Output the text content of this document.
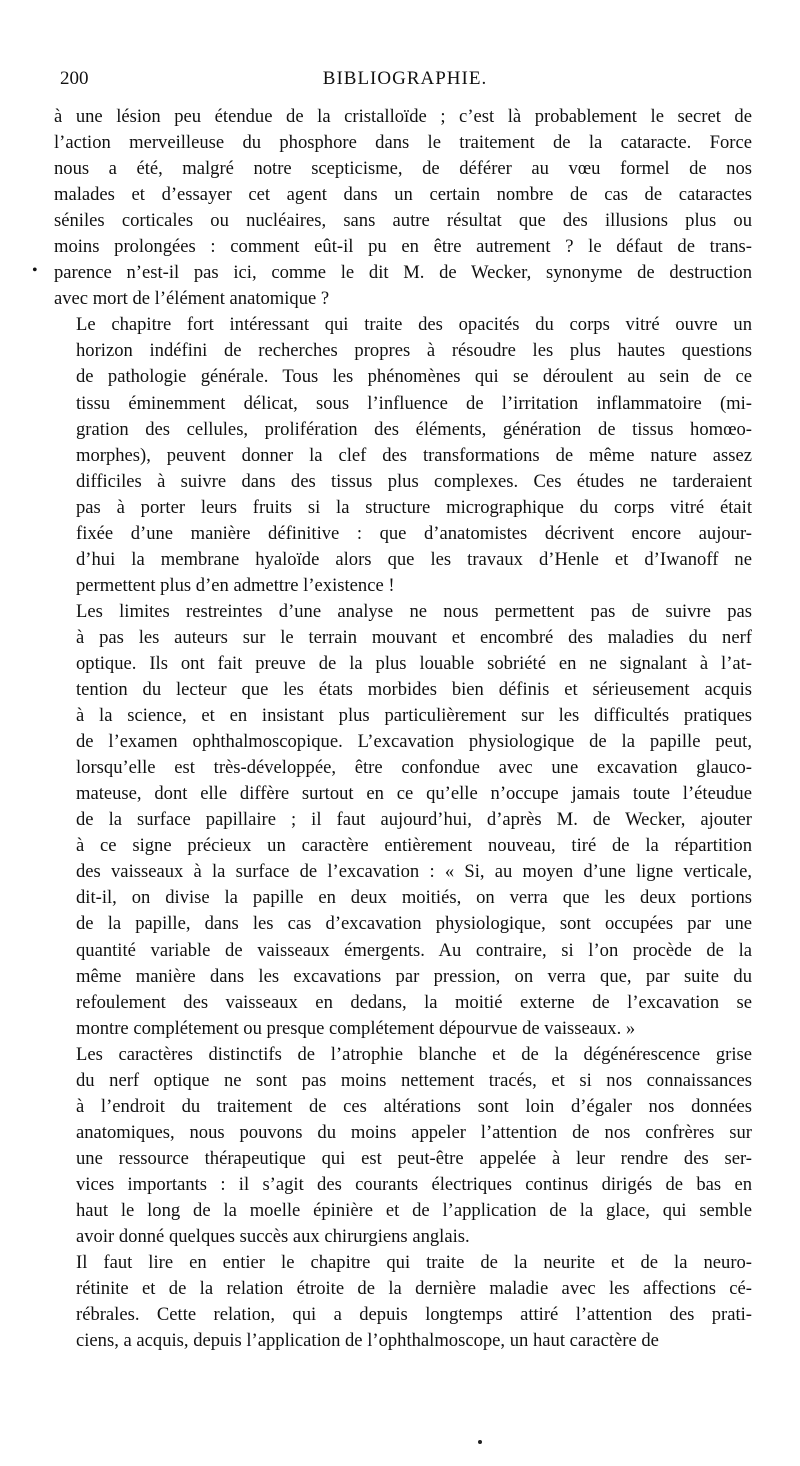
200	BIBLIOGRAPHIE.
•
à une lésion peu étendue de la cristalloïde ; c’est là probablement le secret de
l’action merveilleuse du phosphore dans le traitement de la cataracte. Force
nous a été, malgré notre scepticisme, de déférer au vœu formel de nos
malades et d’essayer cet agent dans un certain nombre de cas de cataractes
séniles corticales ou nucléaires, sans autre résultat que des illusions plus ou
moins prolongées : comment eût-il pu en être autrement ? le défaut de trans-
parence n’est-il pas ici, comme le dit M. de Wecker, synonyme de destruction
avec mort de l’élément anatomique ?
Le chapitre fort intéressant qui traite des opacités du corps vitré ouvre un
horizon indéfini de recherches propres à résoudre les plus hautes questions
de pathologie générale. Tous les phénomènes qui se déroulent au sein de ce
tissu éminemment délicat, sous l’influence de l’irritation inflammatoire (mi-
gration des cellules, prolifération des éléments, génération de tissus homœo-
morphes), peuvent donner la clef des transformations de même nature assez
difficiles à suivre dans des tissus plus complexes. Ces études ne tarderaient
pas à porter leurs fruits si la structure micrographique du corps vitré était
fixée d’une manière définitive : que d’anatomistes décrivent encore aujour-
d’hui la membrane hyaloïde alors que les travaux d’Henle et d’Iwanoff ne
permettent plus d’en admettre l’existence !
Les limites restreintes d’une analyse ne nous permettent pas de suivre pas
à pas les auteurs sur le terrain mouvant et encombré des maladies du nerf
optique. Ils ont fait preuve de la plus louable sobriété en ne signalant à l’at-
tention du lecteur que les états morbides bien définis et sérieusement acquis
à la science, et en insistant plus particulièrement sur les difficultés pratiques
de l’examen ophthalmoscopique. L’excavation physiologique de la papille peut,
lorsqu’elle est très-développée, être confondue avec une excavation glauco-
mateuse, dont elle diffère surtout en ce qu’elle n’occupe jamais toute l’éteudue
de la surface papillaire ; il faut aujourd’hui, d’après M. de Wecker, ajouter
à ce signe précieux un caractère entièrement nouveau, tiré de la répartition
des vaisseaux à la surface de l’excavation : « Si, au moyen d’une ligne verticale,
dit-il, on divise la papille en deux moitiés, on verra que les deux portions
de la papille, dans les cas d’excavation physiologique, sont occupées par une
quantité variable de vaisseaux émergents. Au contraire, si l’on procède de la
même manière dans les excavations par pression, on verra que, par suite du
refoulement des vaisseaux en dedans, la moitié externe de l’excavation se
montre complétement ou presque complétement dépourvue de vaisseaux. »
Les caractères distinctifs de l’atrophie blanche et de la dégénérescence grise
du nerf optique ne sont pas moins nettement tracés, et si nos connaissances
à l’endroit du traitement de ces altérations sont loin d’égaler nos données
anatomiques, nous pouvons du moins appeler l’attention de nos confrères sur
une ressource thérapeutique qui est peut-être appelée à leur rendre des ser-
vices importants : il s’agit des courants électriques continus dirigés de bas en
haut le long de la moelle épinière et de l’application de la glace, qui semble
avoir donné quelques succès aux chirurgiens anglais.
Il faut lire en entier le chapitre qui traite de la neurite et de la neuro-
rétinite et de la relation étroite de la dernière maladie avec les affections cé-
rébrales. Cette relation, qui a depuis longtemps attiré l’attention des prati-
ciens, a acquis, depuis l’application de l’ophthalmoscope, un haut caractère de
